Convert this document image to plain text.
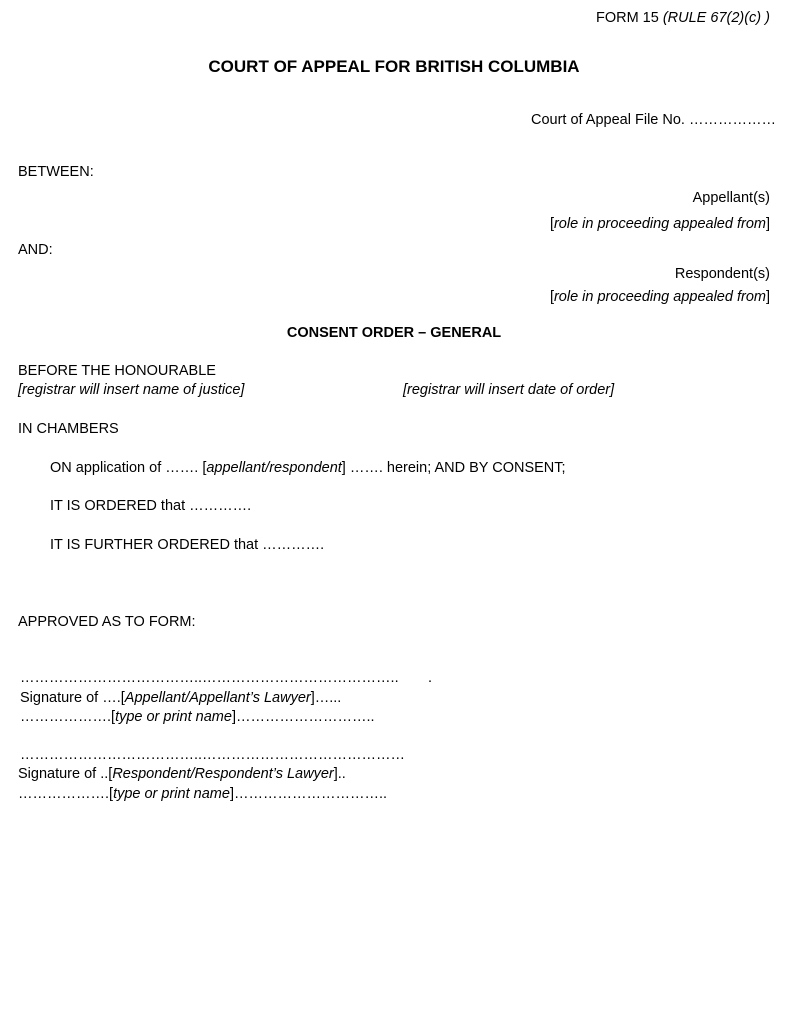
FORM 15 (RULE 67(2)(c) )
COURT OF APPEAL FOR BRITISH COLUMBIA
Court of Appeal File No. ………………
BETWEEN:
Appellant(s)
[role in proceeding appealed from]
AND:
Respondent(s)
[role in proceeding appealed from]
CONSENT ORDER – GENERAL
BEFORE THE HONOURABLE
[registrar will insert name of justice]	[registrar will insert date of order]
IN CHAMBERS
ON application of ……. [appellant/respondent] ……. herein; AND BY CONSENT;
IT IS ORDERED that ………….
IT IS FURTHER ORDERED that ………….
APPROVED AS TO FORM:
………………………………..………………………………….. .
Signature of ….[Appellant/Appellant’s Lawyer]…...
……………….[type or print name]………………………..
………………………………..……………………………………
Signature of ..[Respondent/Respondent’s Lawyer]..
……………….[type or print name]…………………………..
